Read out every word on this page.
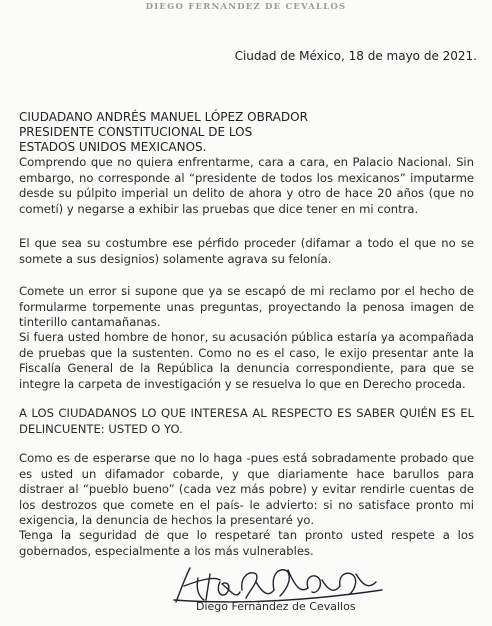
DIEGO FERNANDEZ DE CEVALLOS
Ciudad de México, 18 de mayo de 2021.
CIUDADANO ANDRÉS MANUEL LÓPEZ OBRADOR
PRESIDENTE CONSTITUCIONAL DE LOS
ESTADOS UNIDOS MEXICANOS.
Comprendo que no quiera enfrentarme, cara a cara, en Palacio Nacional. Sin embargo, no corresponde al “presidente de todos los mexicanos” imputarme desde su púlpito imperial un delito de ahora y otro de hace 20 años (que no cometí) y negarse a exhibir las pruebas que dice tener en mi contra.
El que sea su costumbre ese pérfido proceder (difamar a todo el que no se somete a sus designios) solamente agrava su felonía.
Comete un error si supone que ya se escapó de mi reclamo por el hecho de formularme torpemente unas preguntas, proyectando la penosa imagen de tinterillo cantamañanas.
Si fuera usted hombre de honor, su acusación pública estaría ya acompañada de pruebas que la sustenten. Como no es el caso, le exijo presentar ante la Fiscalía General de la República la denuncia correspondiente, para que se integre la carpeta de investigación y se resuelva lo que en Derecho proceda.
A LOS CIUDADANOS LO QUE INTERESA AL RESPECTO ES SABER QUIÉN ES EL DELINCUENTE: USTED O YO.
Como es de esperarse que no lo haga -pues está sobradamente probado que es usted un difamador cobarde, y que diariamente hace barullos para distraer al “pueblo bueno” (cada vez más pobre) y evitar rendirle cuentas de los destrozos que comete en el país- le advierto: si no satisface pronto mi exigencia, la denuncia de hechos la presentaré yo.
Tenga la seguridad de que lo respetaré tan pronto usted respete a los gobernados, especialmente a los más vulnerables.
Diego Fernández de Cevallos
